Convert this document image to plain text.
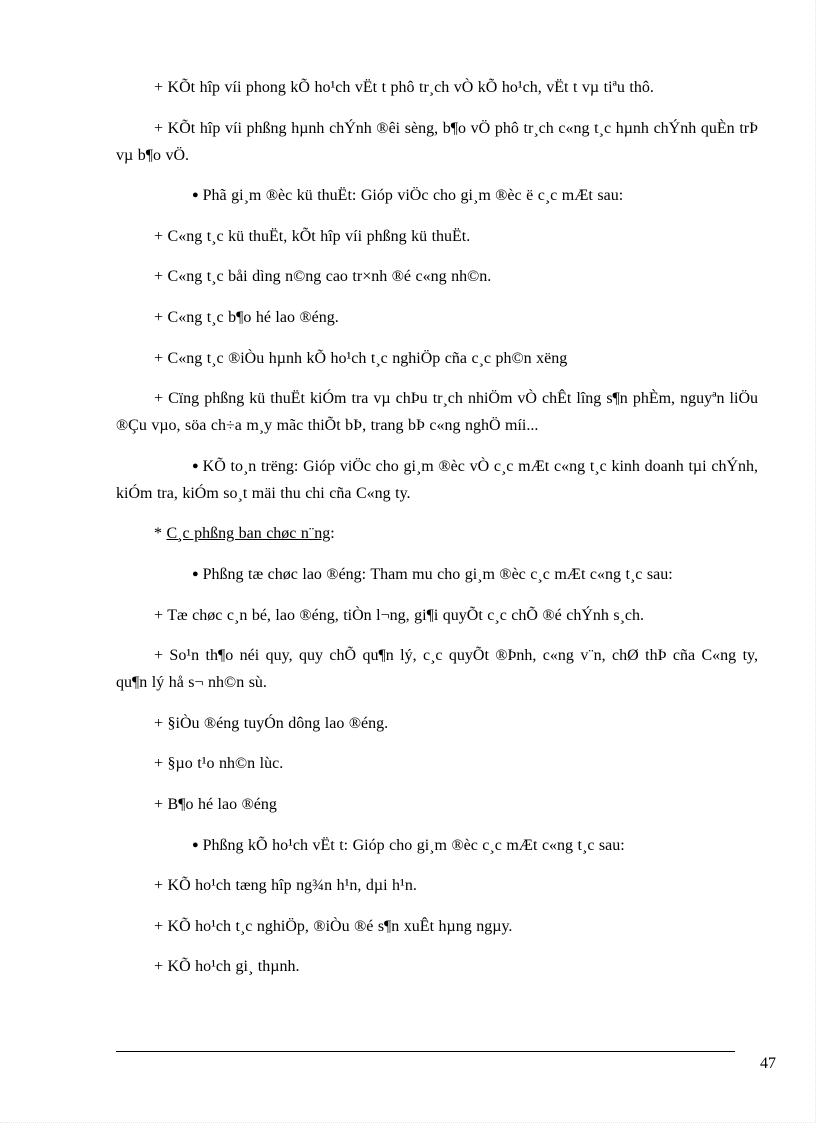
+ KÕt hîp víi phong kÕ ho¹ch vËt t phô tr¸ch vÒ kÕ ho¹ch, vËt t vµ tiªu thô.

+ KÕt hîp víi phßng hµnh chÝnh ®êi sèng, b¶o vÖ phô tr¸ch c«ng t¸c hµnh chÝnh quÈn trÞ vµ b¶o vÖ.

● Phã gi¸m ®èc kü thuËt: Gióp viÖc cho gi¸m ®èc ë c¸c mÆt sau:

+ C«ng t¸c kü thuËt, kÕt hîp víi phßng kü thuËt.

+ C«ng t¸c båi dìng n©ng cao tr×nh ®é c«ng nh©n.

+ C«ng t¸c b¶o hé lao ®éng.

+ C«ng t¸c ®iÒu hµnh kÕ ho¹ch t¸c nghiÖp cña c¸c ph©n xëng

+ Cïng phßng kü thuËt kiÓm tra vµ chÞu tr¸ch nhiÖm vÒ chÊt lîng s¶n phÈm, nguyªn liÖu ®Çu vµo, söa ch÷a m¸y mãc thiÕt bÞ, trang bÞ c«ng nghÖ míi...

● KÕ to¸n trëng: Gióp viÖc cho gi¸m ®èc vÒ c¸c mÆt c«ng t¸c kinh doanh tµi chÝnh, kiÓm tra, kiÓm so¸t mäi thu chi cña C«ng ty.

* C¸c phßng ban chøc n¨ng:

● Phßng tæ chøc lao ®éng: Tham mu cho gi¸m ®èc c¸c mÆt c«ng t¸c sau:

+ Tæ chøc c¸n bé, lao ®éng, tiÒn l¬ng, gi¶i quyÕt c¸c chÕ ®é chÝnh s¸ch.

+ So¹n th¶o néi quy, quy chÕ qu¶n lý, c¸c quyÕt ®Þnh, c«ng v¨n, chØ thÞ cña C«ng ty, qu¶n lý hå s¬ nh©n sù.

+ §iÒu ®éng tuyÓn dông lao ®éng.

+ §µo t¹o nh©n lùc.

+ B¶o hé lao ®éng

● Phßng kÕ ho¹ch vËt t: Gióp cho gi¸m ®èc c¸c mÆt c«ng t¸c sau:

+ KÕ ho¹ch tæng hîp ng¾n h¹n, dµi h¹n.

+ KÕ ho¹ch t¸c nghiÖp, ®iÒu ®é s¶n xuÊt hµng ngµy.

+ KÕ ho¹ch gi¸ thµnh.

47
